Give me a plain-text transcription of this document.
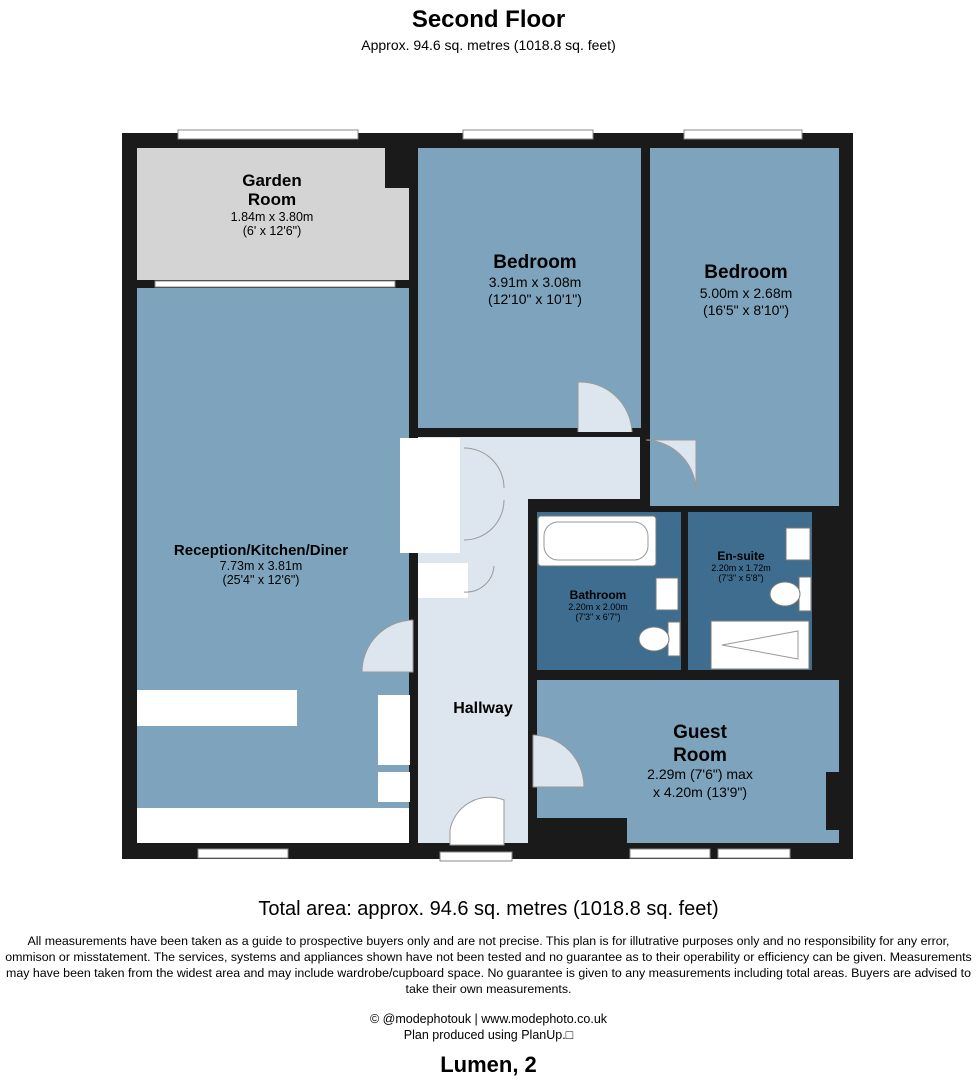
Second Floor
Approx. 94.6 sq. metres (1018.8 sq. feet)
Garden
Room
1.84m x 3.80m
(6' x 12'6")
Bedroom
3.91m x 3.08m
(12'10" x 10'1")
Bedroom
5.00m x 2.68m
(16'5" x 8'10")
Reception/Kitchen/Diner
7.73m x 3.81m
(25'4" x 12'6")
En-suite
2.20m x 1.72m
(7'3" x 5'8")
Bathroom
2.20m x 2.00m
(7'3" x 6'7")
Hallway
Guest
Room
2.29m (7'6") max
x 4.20m (13'9")
Total area: approx. 94.6 sq. metres (1018.8 sq. feet)
All measurements have been taken as a guide to prospective buyers only and are not precise. This plan is for illutrative purposes only and no responsibility for any error, ommison or misstatement. The services, systems and appliances shown have not been tested and no guarantee as to their operability or efficiency can be given. Measurements may have been taken from the widest area and may include wardrobe/cupboard space. No guarantee is given to any measurements including total areas. Buyers are advised to take their own measurements.
© @modephotouk | www.modephoto.co.uk
Plan produced using PlanUp.□
Lumen, 2
